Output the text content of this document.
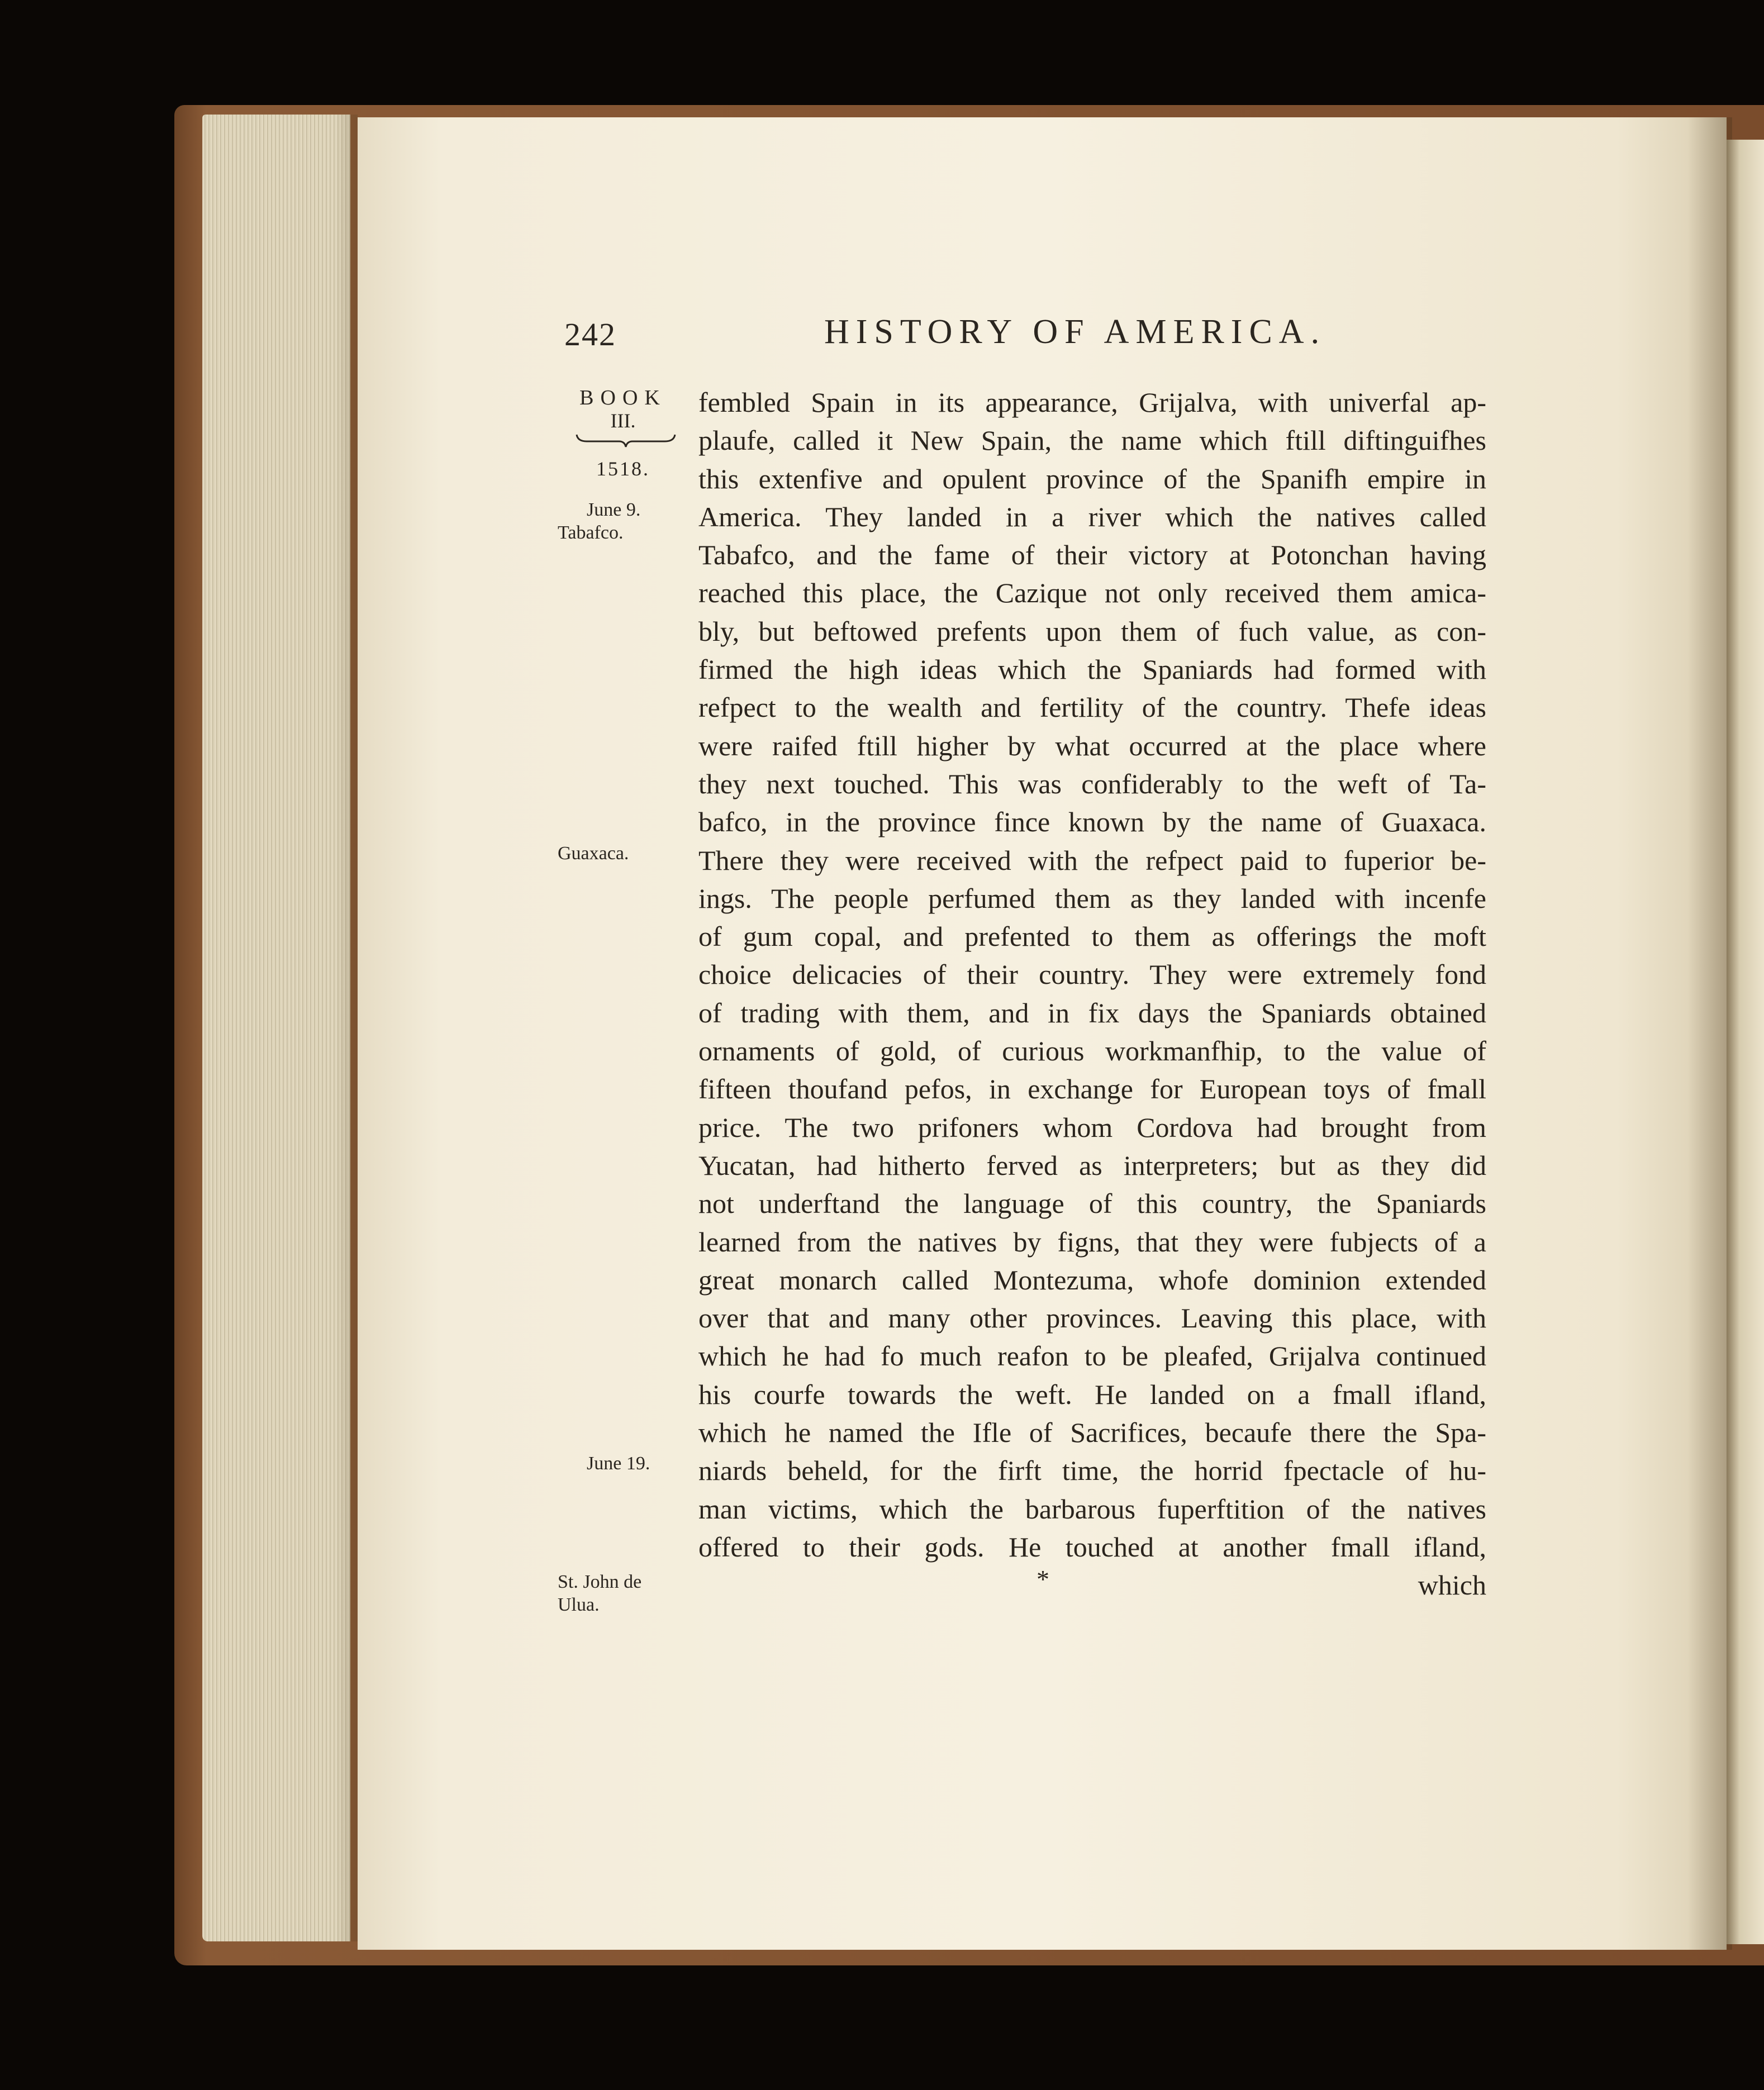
242	HISTORY OF AMERICA.
BOOK
III.
1518.
June 9.
Tabafco.
Guaxaca.
June 19.
St. John de
Ulua.
fembled Spain in its appearance, Grijalva, with univerfal ap-
plaufe, called it New Spain, the name which ftill diftinguifhes
this extenfive and opulent province of the Spanifh empire in
America. They landed in a river which the natives called
Tabafco, and the fame of their victory at Potonchan having
reached this place, the Cazique not only received them amica-
bly, but beftowed prefents upon them of fuch value, as con-
firmed the high ideas which the Spaniards had formed with
refpect to the wealth and fertility of the country. Thefe ideas
were raifed ftill higher by what occurred at the place where
they next touched. This was confiderably to the weft of Ta-
bafco, in the province fince known by the name of Guaxaca.
There they were received with the refpect paid to fuperior be-
ings. The people perfumed them as they landed with incenfe
of gum copal, and prefented to them as offerings the moft
choice delicacies of their country. They were extremely fond
of trading with them, and in fix days the Spaniards obtained
ornaments of gold, of curious workmanfhip, to the value of
fifteen thoufand pefos, in exchange for European toys of fmall
price. The two prifoners whom Cordova had brought from
Yucatan, had hitherto ferved as interpreters; but as they did
not underftand the language of this country, the Spaniards
learned from the natives by figns, that they were fubjects of a
great monarch called Montezuma, whofe dominion extended
over that and many other provinces. Leaving this place, with
which he had fo much reafon to be pleafed, Grijalva continued
his courfe towards the weft. He landed on a fmall ifland,
which he named the Ifle of Sacrifices, becaufe there the Spa-
niards beheld, for the firft time, the horrid fpectacle of hu-
man victims, which the barbarous fuperftition of the natives
offered to their gods. He touched at another fmall ifland,
which
*
